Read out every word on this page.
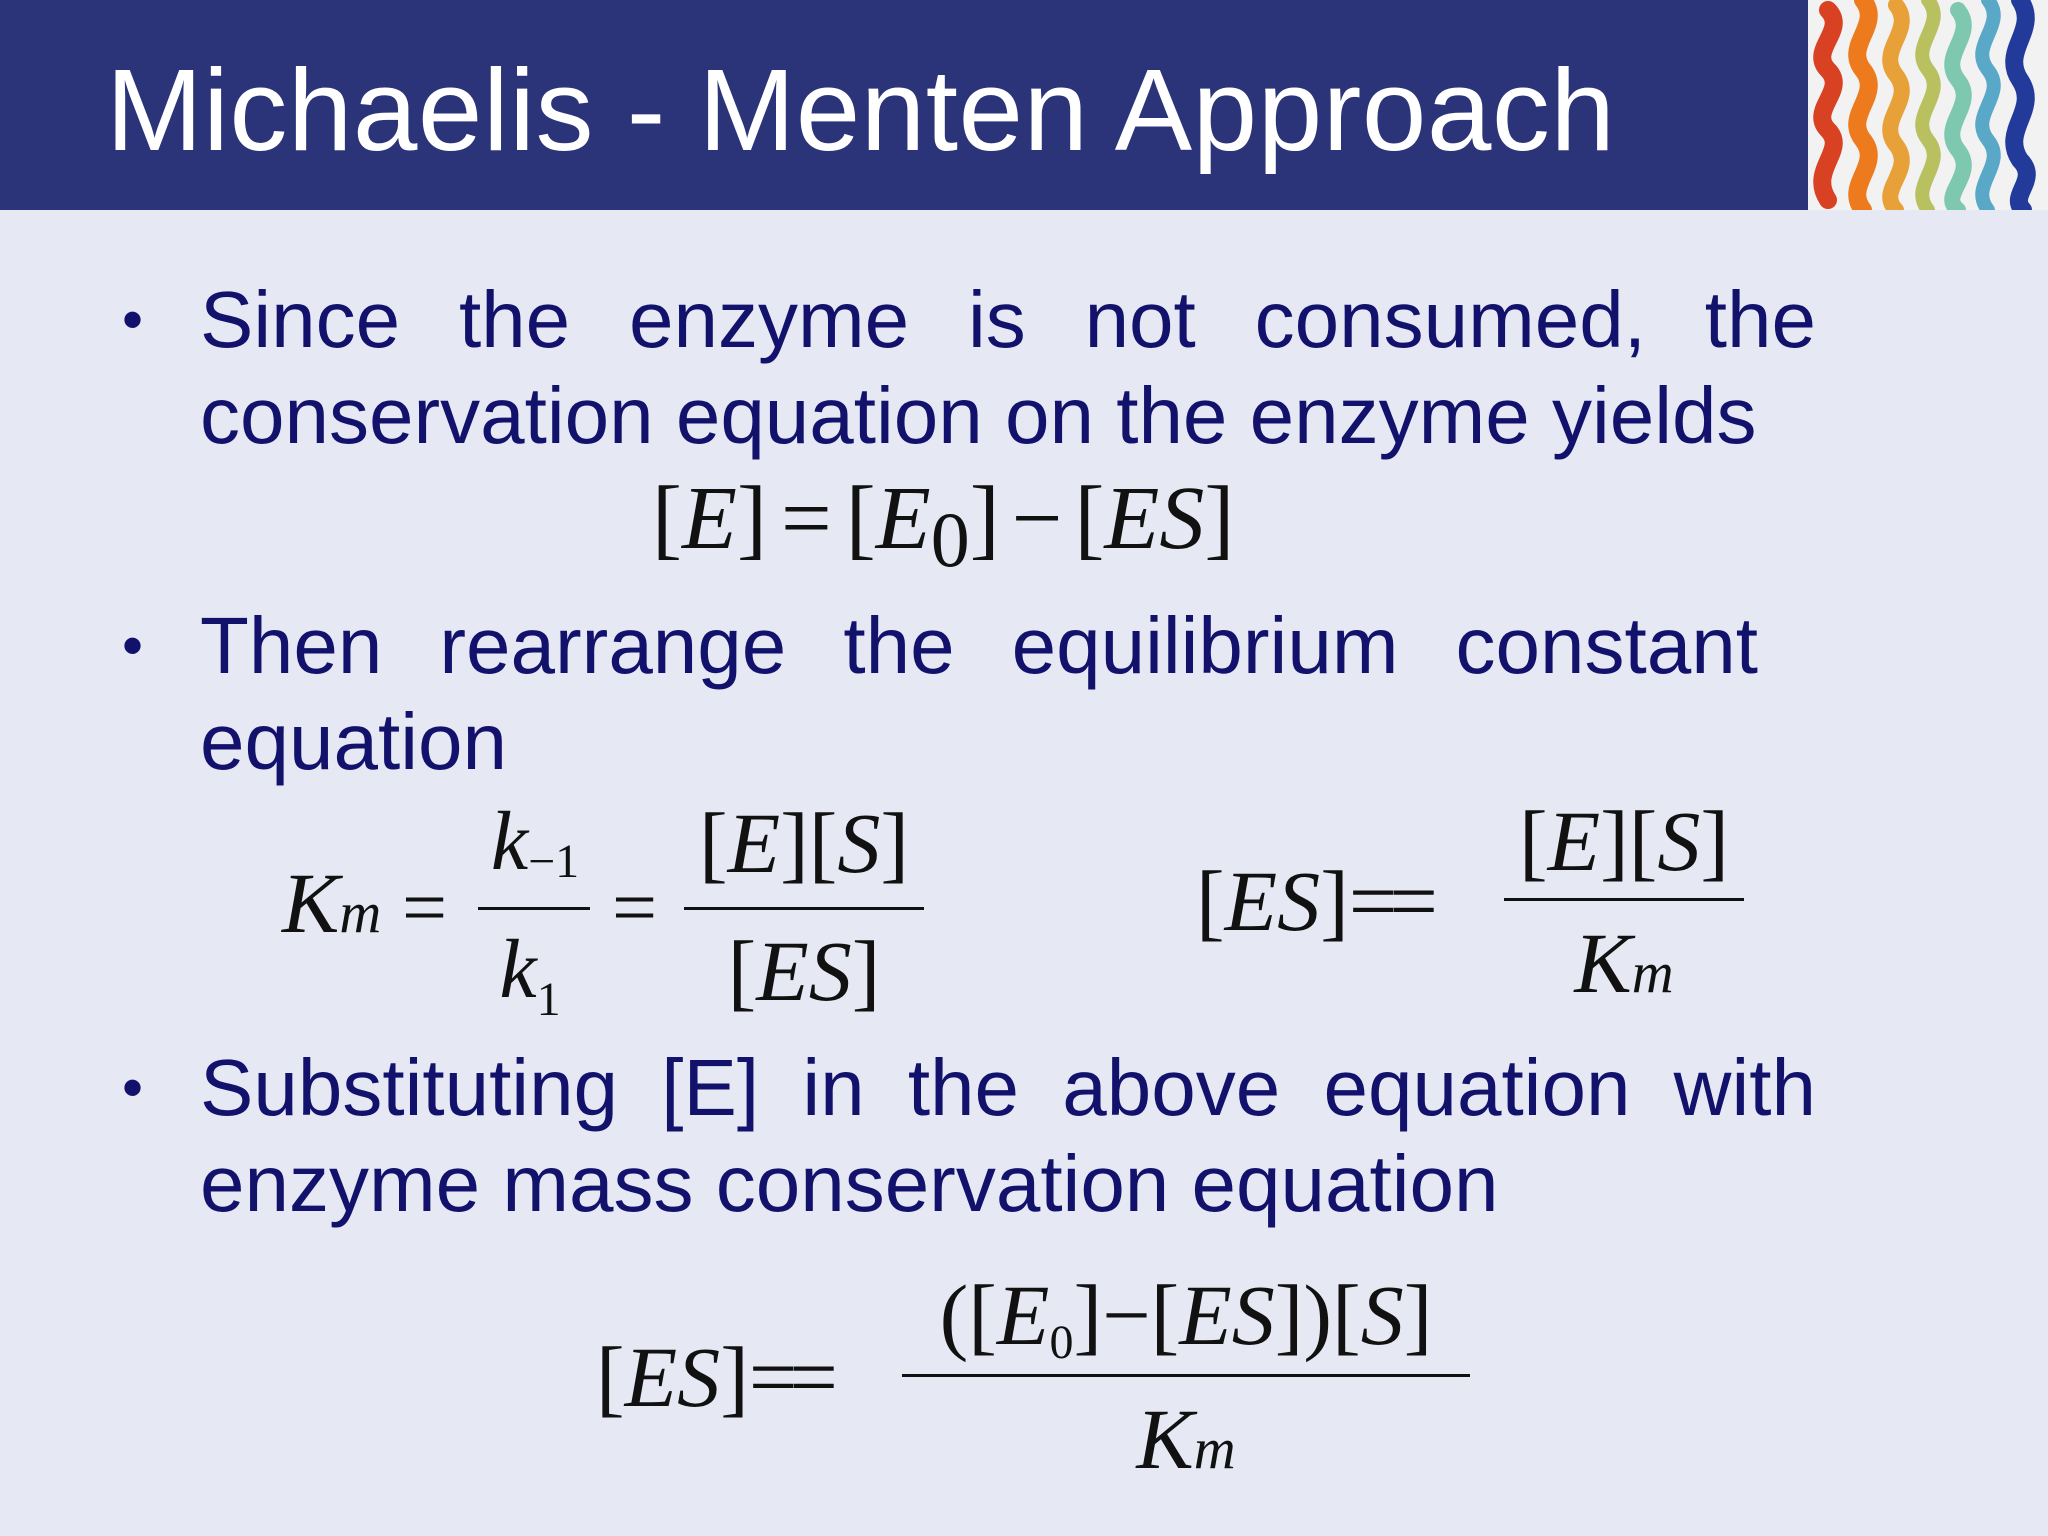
Michaelis - Menten Approach
• Since the enzyme is not consumed, the
conservation equation on the enzyme yields
[E] = [E0] − [ES]
• Then rearrange the equilibrium constant
equation
Km =
k−1
$k_1$
=
[E][S]
[ES]
[ES]==
[E][S]
Km
• Substituting [E] in the above equation with
enzyme mass conservation equation
[ES]==
([E0]−[ES])[S]
Km
